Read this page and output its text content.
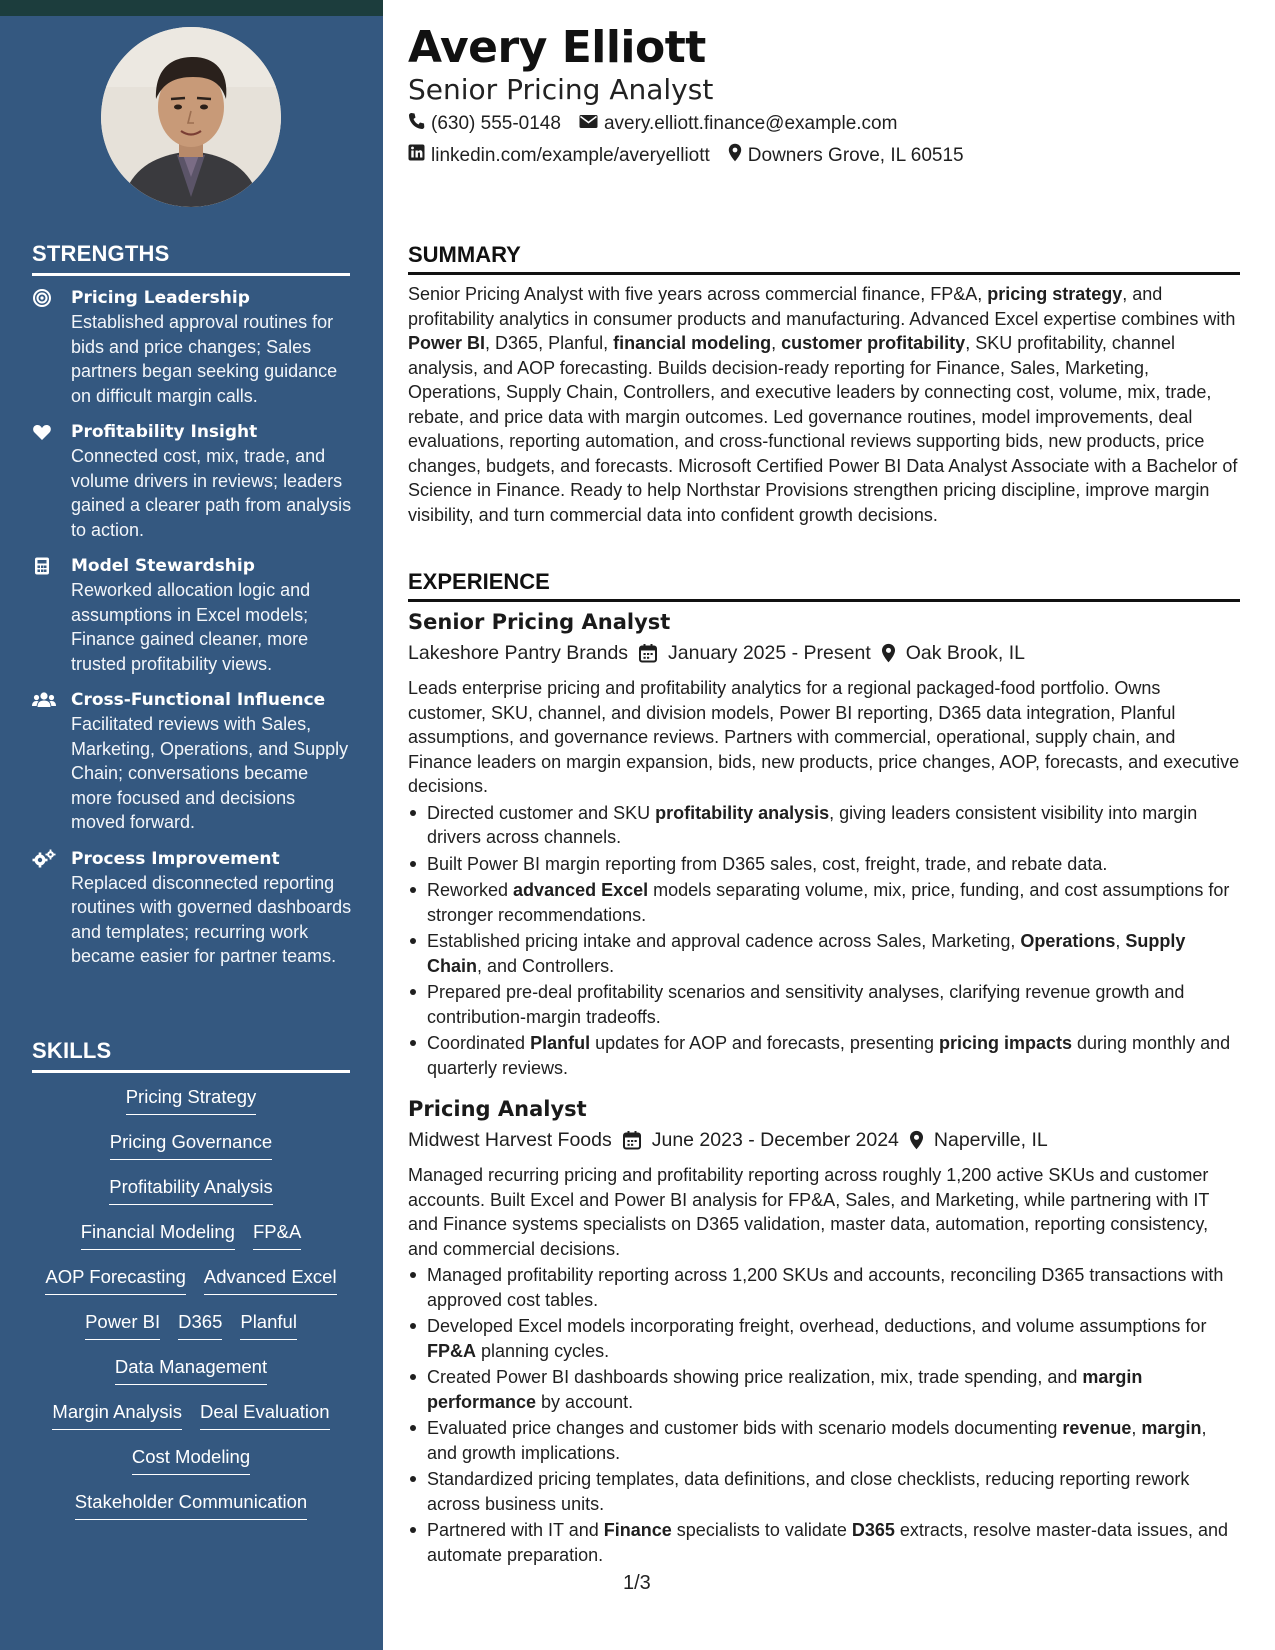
STRENGTHS
Pricing Leadership
Established approval routines for bids and price changes; Sales partners began seeking guidance on difficult margin calls.
Profitability Insight
Connected cost, mix, trade, and volume drivers in reviews; leaders gained a clearer path from analysis to action.
Model Stewardship
Reworked allocation logic and assumptions in Excel models; Finance gained cleaner, more trusted profitability views.
Cross-Functional Influence
Facilitated reviews with Sales, Marketing, Operations, and Supply Chain; conversations became more focused and decisions moved forward.
Process Improvement
Replaced disconnected reporting routines with governed dashboards and templates; recurring work became easier for partner teams.
SKILLS
Pricing Strategy
Pricing Governance
Profitability Analysis
Financial Modeling FP&A
AOP Forecasting Advanced Excel
Power BI D365 Planful
Data Management
Margin Analysis Deal Evaluation
Cost Modeling
Stakeholder Communication
Avery Elliott
Senior Pricing Analyst
(630) 555-0148 avery.elliott.finance@example.com
linkedin.com/example/averyelliott Downers Grove, IL 60515
SUMMARY

Senior Pricing Analyst with five years across commercial finance, FP&A, pricing strategy, and profitability analytics in consumer products and manufacturing. Advanced Excel expertise combines with Power BI, D365, Planful, financial modeling, customer profitability, SKU profitability, channel analysis, and AOP forecasting. Builds decision-ready reporting for Finance, Sales, Marketing, Operations, Supply Chain, Controllers, and executive leaders by connecting cost, volume, mix, trade, rebate, and price data with margin outcomes. Led governance routines, model improvements, deal evaluations, reporting automation, and cross-functional reviews supporting bids, new products, price changes, budgets, and forecasts. Microsoft Certified Power BI Data Analyst Associate with a Bachelor of Science in Finance. Ready to help Northstar Provisions strengthen pricing discipline, improve margin visibility, and turn commercial data into confident growth decisions.

EXPERIENCE
Senior Pricing Analyst
Lakeshore Pantry Brands January 2025 - Present Oak Brook, IL
Leads enterprise pricing and profitability analytics for a regional packaged-food portfolio. Owns customer, SKU, channel, and division models, Power BI reporting, D365 data integration, Planful assumptions, and governance reviews. Partners with commercial, operational, supply chain, and Finance leaders on margin expansion, bids, new products, price changes, AOP, forecasts, and executive decisions.
Directed customer and SKU profitability analysis, giving leaders consistent visibility into margin drivers across channels.
Built Power BI margin reporting from D365 sales, cost, freight, trade, and rebate data.
Reworked advanced Excel models separating volume, mix, price, funding, and cost assumptions for stronger recommendations.
Established pricing intake and approval cadence across Sales, Marketing, Operations, Supply Chain, and Controllers.
Prepared pre-deal profitability scenarios and sensitivity analyses, clarifying revenue growth and contribution-margin tradeoffs.
Coordinated Planful updates for AOP and forecasts, presenting pricing impacts during monthly and quarterly reviews.
Pricing Analyst
Midwest Harvest Foods June 2023 - December 2024 Naperville, IL
Managed recurring pricing and profitability reporting across roughly 1,200 active SKUs and customer accounts. Built Excel and Power BI analysis for FP&A, Sales, and Marketing, while partnering with IT and Finance systems specialists on D365 validation, master data, automation, reporting consistency, and commercial decisions.
Managed profitability reporting across 1,200 SKUs and accounts, reconciling D365 transactions with approved cost tables.
Developed Excel models incorporating freight, overhead, deductions, and volume assumptions for FP&A planning cycles.
Created Power BI dashboards showing price realization, mix, trade spending, and margin performance by account.
Evaluated price changes and customer bids with scenario models documenting revenue, margin, and growth implications.
Standardized pricing templates, data definitions, and close checklists, reducing reporting rework across business units.
Partnered with IT and Finance specialists to validate D365 extracts, resolve master-data issues, and automate preparation.
1/3
